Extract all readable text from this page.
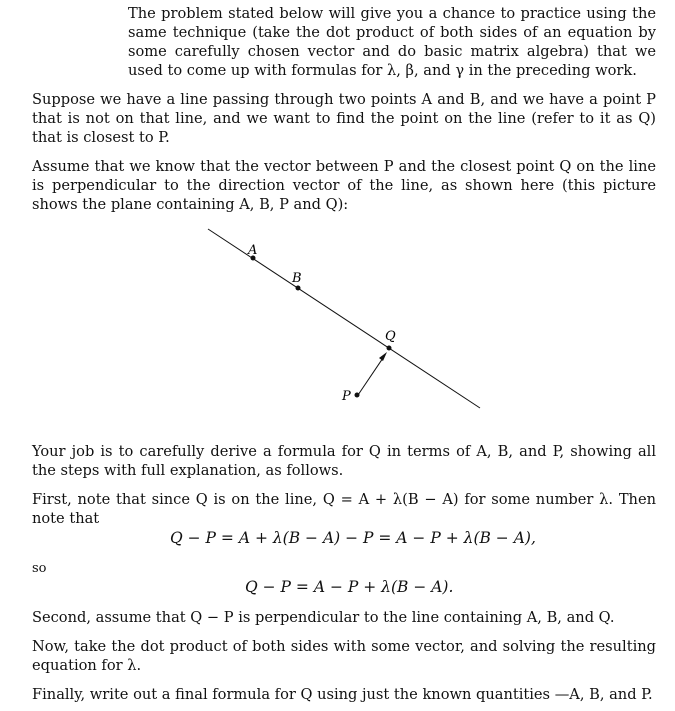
The problem stated below will give you a chance to practice using the same technique (take the dot product of both sides of an equation by some carefully chosen vector and do basic matrix algebra) that we used to come up with formulas for λ, β, and γ in the preceding work.

Suppose we have a line passing through two points A and B, and we have a point P that is not on that line, and we want to find the point on the line (refer to it as Q) that is closest to P.

Assume that we know that the vector between P and the closest point Q on the line is perpendicular to the direction vector of the line, as shown here (this picture shows the plane containing A, B, P and Q):

A
B
Q
P

Your job is to carefully derive a formula for Q in terms of A, B, and P, showing all the steps with full explanation, as follows.

First, note that since Q is on the line, Q = A + λ(B − A) for some number λ. Then note that

Q − P = A + λ(B − A) − P = A − P + λ(B − A),

so

Q − P = A − P + λ(B − A).

Second, assume that Q − P is perpendicular to the line containing A, B, and Q.

Now, take the dot product of both sides with some vector, and solving the resulting equation for λ.

Finally, write out a final formula for Q using just the known quantities —A, B, and P.
